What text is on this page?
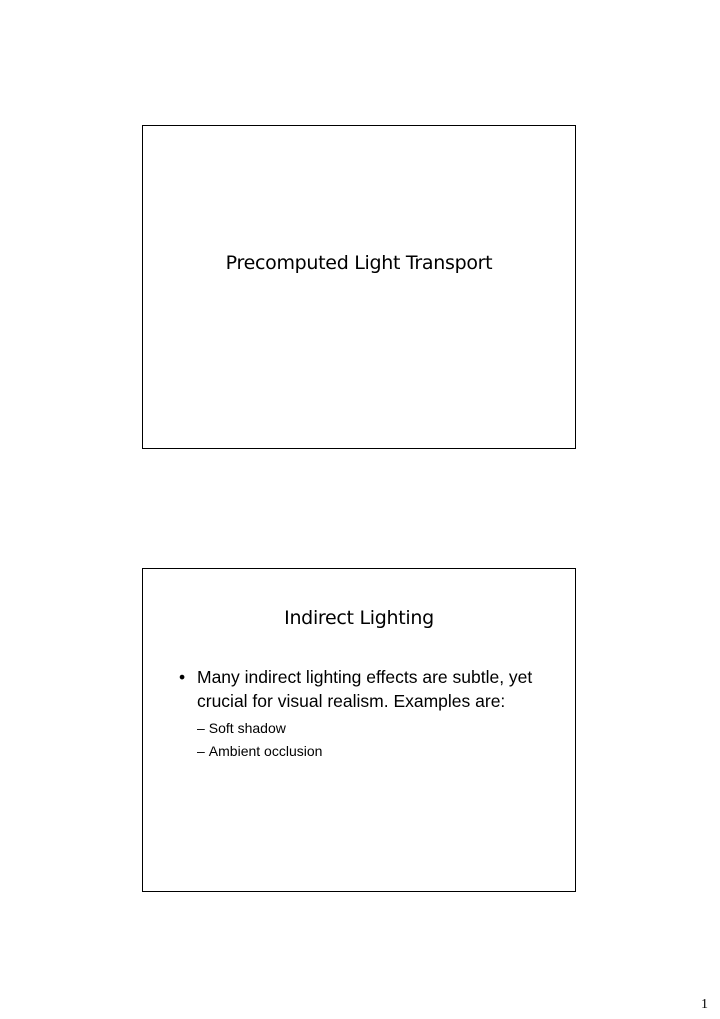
Precomputed Light Transport
Indirect Lighting
• Many indirect lighting effects are subtle, yet crucial for visual realism. Examples are:
– Soft shadow
– Ambient occlusion
1
